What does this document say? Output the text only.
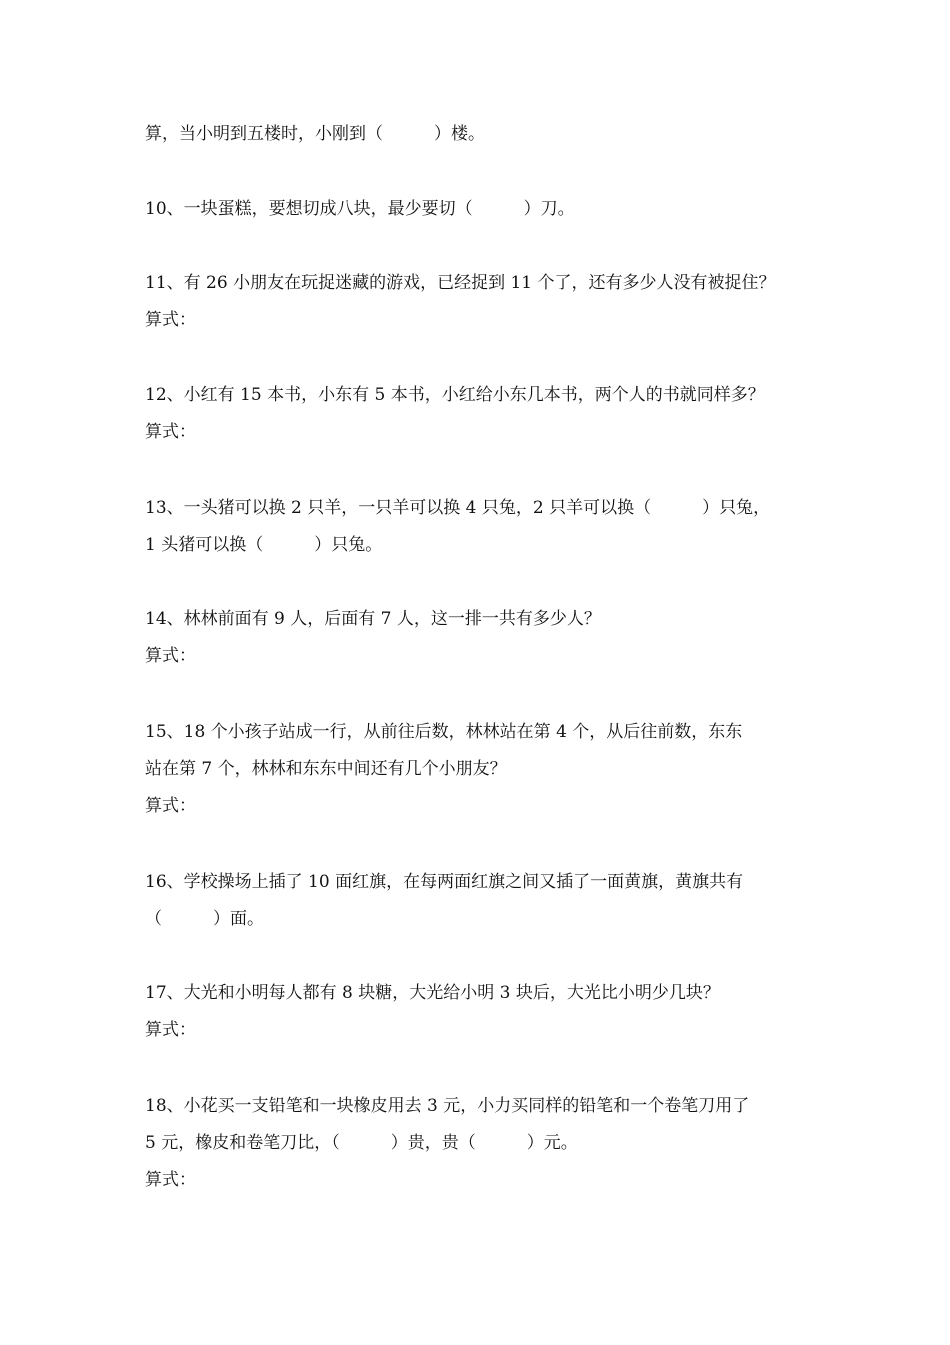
算，当小明到五楼时，小刚到（　　　）楼。
10、一块蛋糕，要想切成八块，最少要切（　　　）刀。
11、有 26 小朋友在玩捉迷藏的游戏，已经捉到 11 个了，还有多少人没有被捉住？
算式：
12、小红有 15 本书，小东有 5 本书，小红给小东几本书，两个人的书就同样多？
算式：
13、一头猪可以换 2 只羊，一只羊可以换 4 只兔，2 只羊可以换（　　　）只兔，
1 头猪可以换（　　　）只兔。
14、林林前面有 9 人，后面有 7 人，这一排一共有多少人？
算式：
15、18 个小孩子站成一行，从前往后数，林林站在第 4 个，从后往前数，东东
站在第 7 个，林林和东东中间还有几个小朋友？
算式：
16、学校操场上插了 10 面红旗，在每两面红旗之间又插了一面黄旗，黄旗共有
（　　　）面。
17、大光和小明每人都有 8 块糖，大光给小明 3 块后，大光比小明少几块？
算式：
18、小花买一支铅笔和一块橡皮用去 3 元，小力买同样的铅笔和一个卷笔刀用了
5 元，橡皮和卷笔刀比，（　　　）贵，贵（　　　）元。
算式：
